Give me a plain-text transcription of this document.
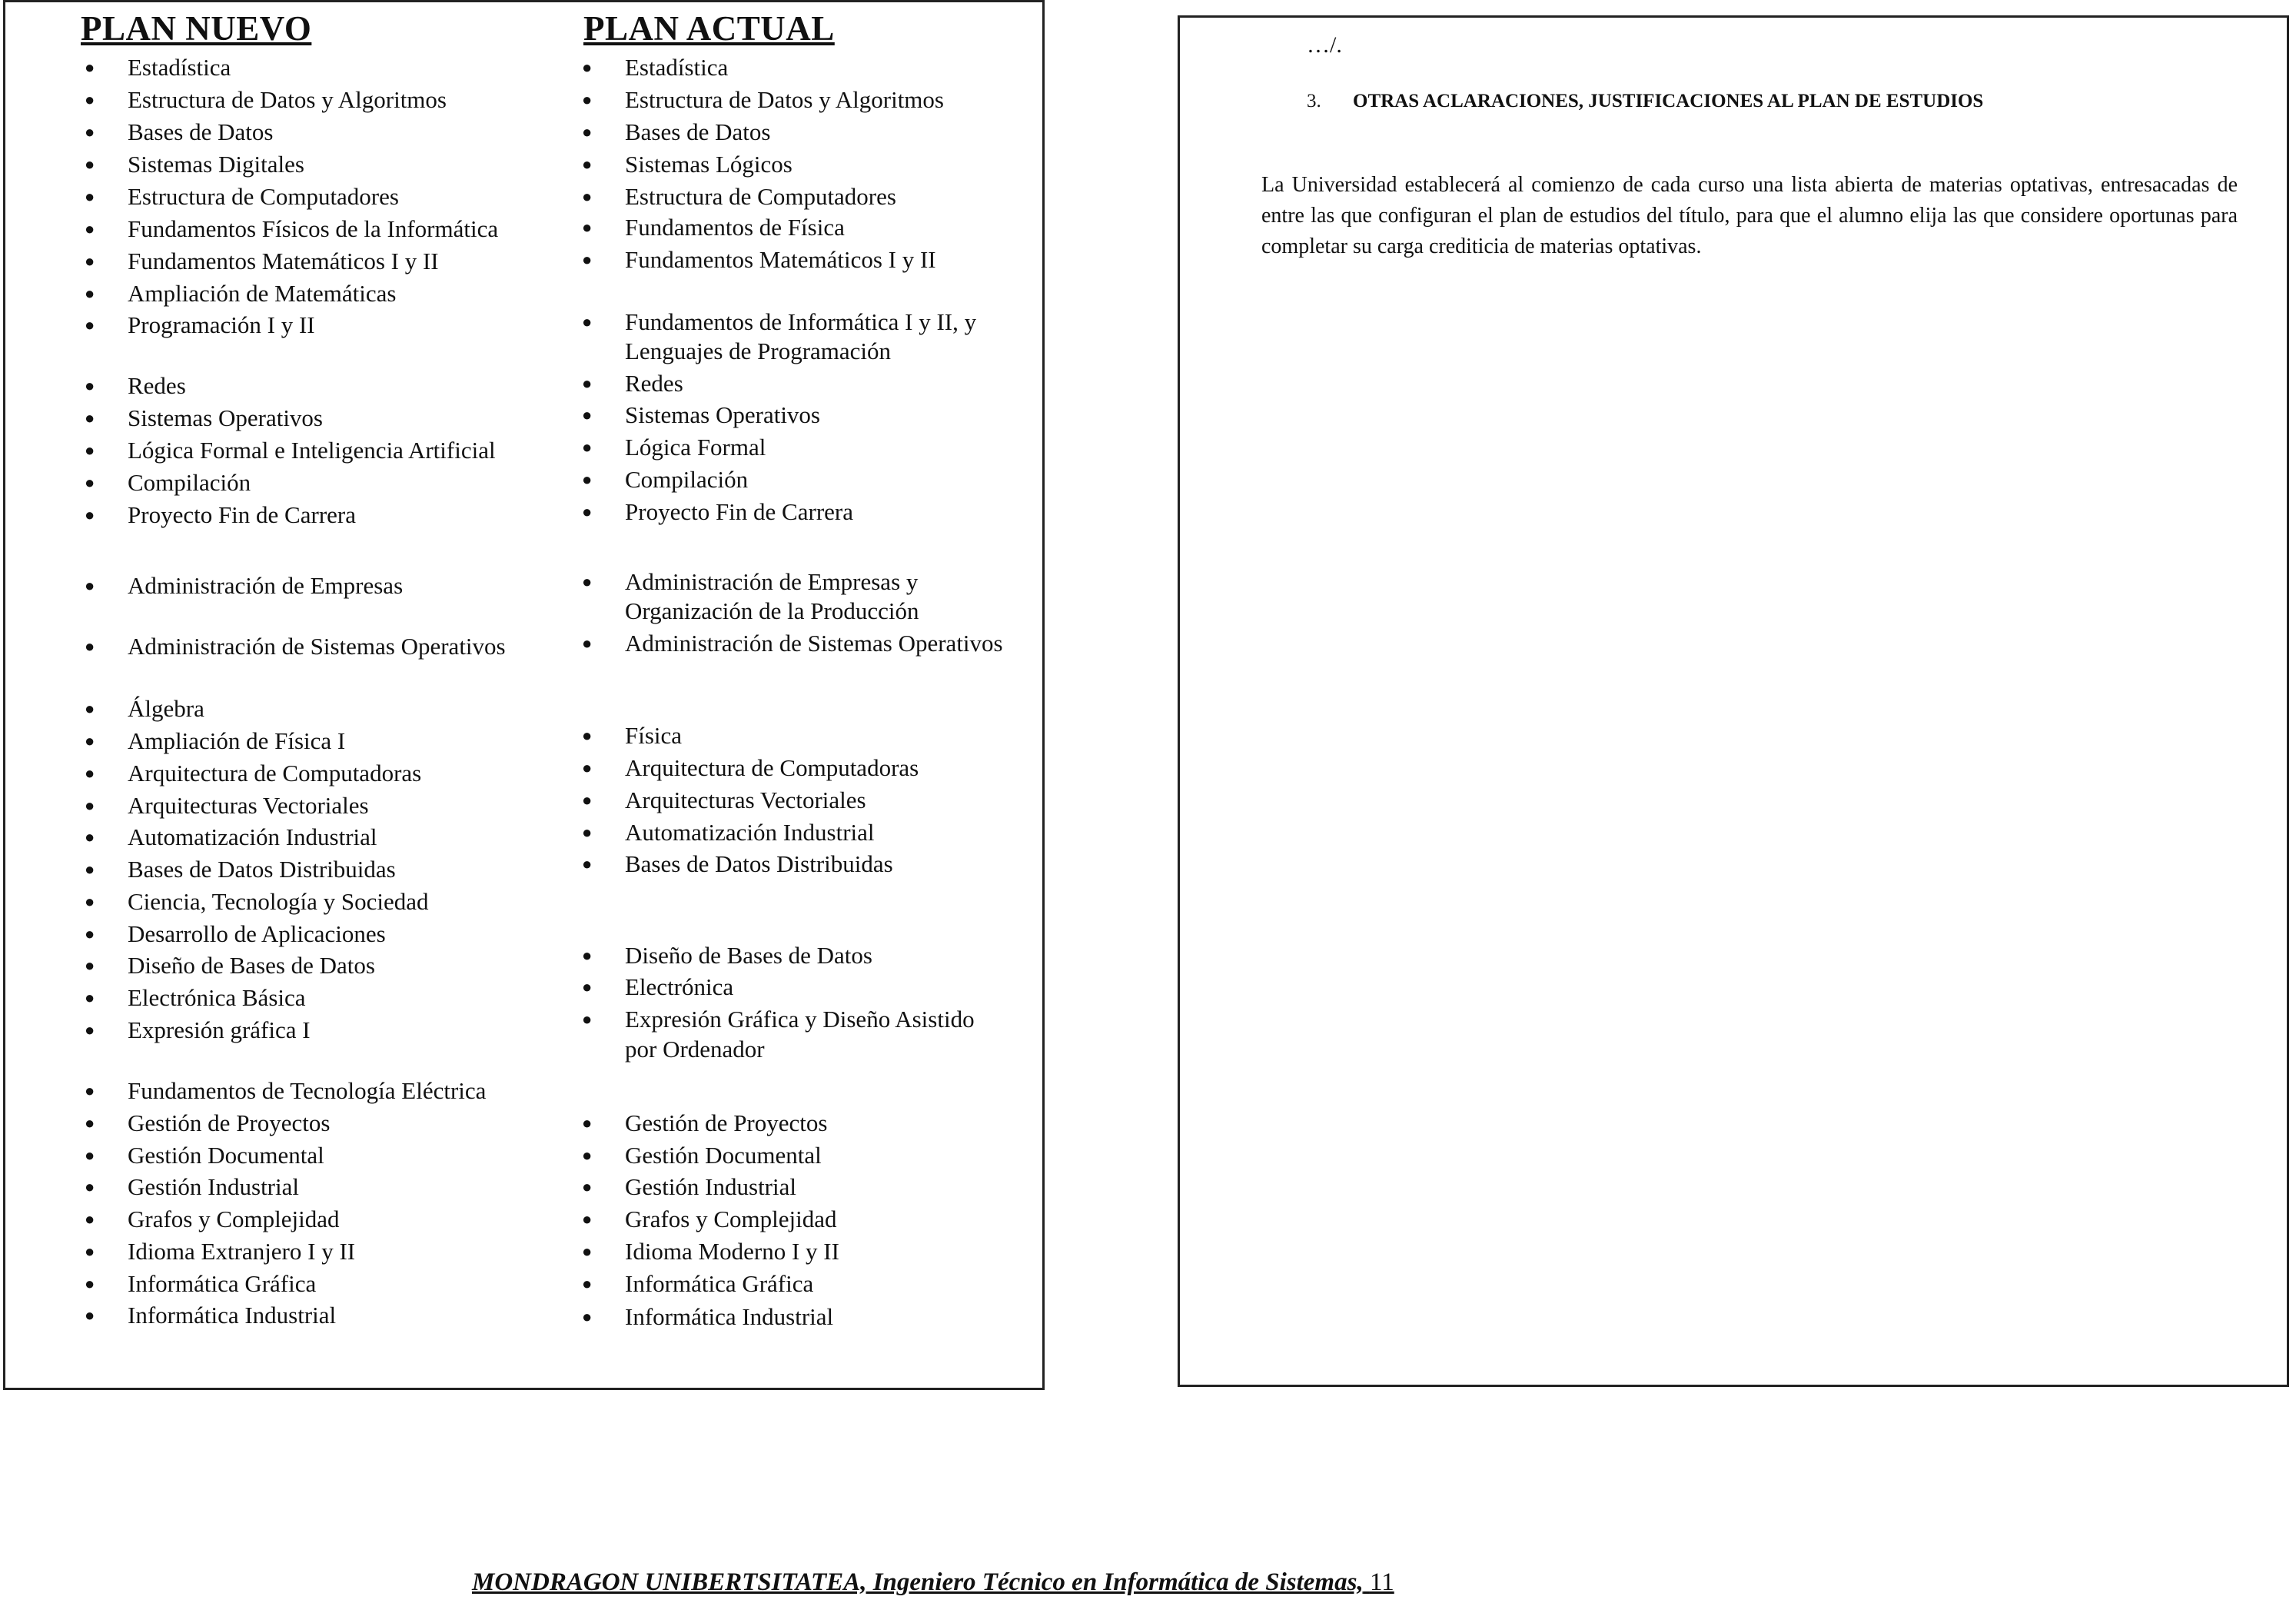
PLAN NUEVO	PLAN ACTUAL
● Estadística
● Estructura de Datos y Algoritmos
● Bases de Datos
● Sistemas Digitales
● Estructura de Computadores
● Fundamentos Físicos de la Informática
● Fundamentos Matemáticos I y II
● Ampliación de Matemáticas
● Programación I y II
● Redes
● Sistemas Operativos
● Lógica Formal e Inteligencia Artificial
● Compilación
● Proyecto Fin de Carrera
● Administración de Empresas
● Administración de Sistemas Operativos
● Álgebra
● Ampliación de Física I
● Arquitectura de Computadoras
● Arquitecturas Vectoriales
● Automatización Industrial
● Bases de Datos Distribuidas
● Ciencia, Tecnología y Sociedad
● Desarrollo de Aplicaciones
● Diseño de Bases de Datos
● Electrónica Básica
● Expresión gráfica I
● Fundamentos de Tecnología Eléctrica
● Gestión de Proyectos
● Gestión Documental
● Gestión Industrial
● Grafos y Complejidad
● Idioma Extranjero I y II
● Informática Gráfica
● Informática Industrial
● Estadística
● Estructura de Datos y Algoritmos
● Bases de Datos
● Sistemas Lógicos
● Estructura de Computadores
● Fundamentos de Física
● Fundamentos Matemáticos I y II
● Fundamentos de Informática I y II, y
Lenguajes de Programación
● Redes
● Sistemas Operativos
● Lógica Formal
● Compilación
● Proyecto Fin de Carrera
● Administración de Empresas y
Organización de la Producción
● Administración de Sistemas Operativos
● Física
● Arquitectura de Computadoras
● Arquitecturas Vectoriales
● Automatización Industrial
● Bases de Datos Distribuidas
● Diseño de Bases de Datos
● Electrónica
● Expresión Gráfica y Diseño Asistido
por Ordenador
● Gestión de Proyectos
● Gestión Documental
● Gestión Industrial
● Grafos y Complejidad
● Idioma Moderno I y II
● Informática Gráfica
● Informática Industrial
…/.
3. OTRAS ACLARACIONES, JUSTIFICACIONES AL PLAN DE ESTUDIOS
La Universidad establecerá al comienzo de cada curso una lista abierta de materias optativas, entresacadas de entre las que configuran el plan de estudios del título, para que el alumno elija las que considere oportunas para completar su carga crediticia de materias optativas.
MONDRAGON UNIBERTSITATEA, Ingeniero Técnico en Informática de Sistemas, 11
